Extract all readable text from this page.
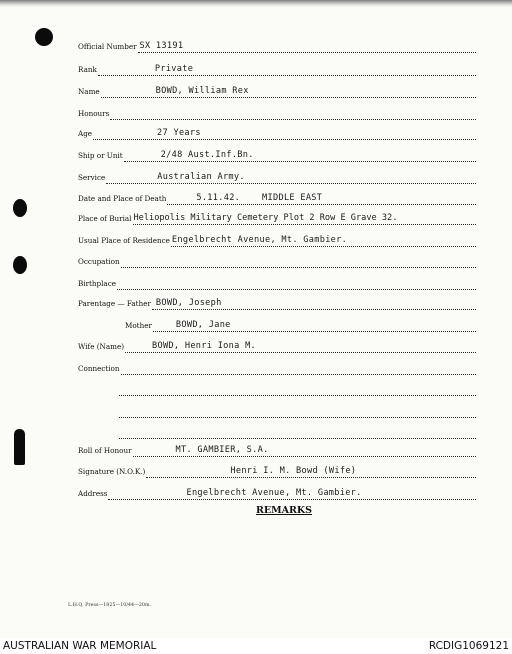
Official Number SX 13191
Rank	Private
Name	BOWD, William Rex
Honours
Age	27 Years
Ship or Unit	2/48 Aust.Inf.Bn.
Service	Australian Army.
Date and Place of Death	5.11.42.    MIDDLE EAST
Place of Burial Heliopolis Military Cemetery Plot 2 Row E Grave 32.
Usual Place of Residence Engelbrecht Avenue, Mt. Gambier.
Occupation
Birthplace
Parentage — Father BOWD, Joseph
Mother	BOWD, Jane
Wife (Name)	BOWD, Henri Iona M.
Connection
Roll of Honour	MT. GAMBIER, S.A.
Signature (N.O.K.)	Henri I. M. Bowd (Wife)
Address	Engelbrecht Avenue, Mt. Gambier.
REMARKS
L.H.Q. Press—1825—10/44—20m.
AUSTRALIAN WAR MEMORIAL	RCDIG1069121
